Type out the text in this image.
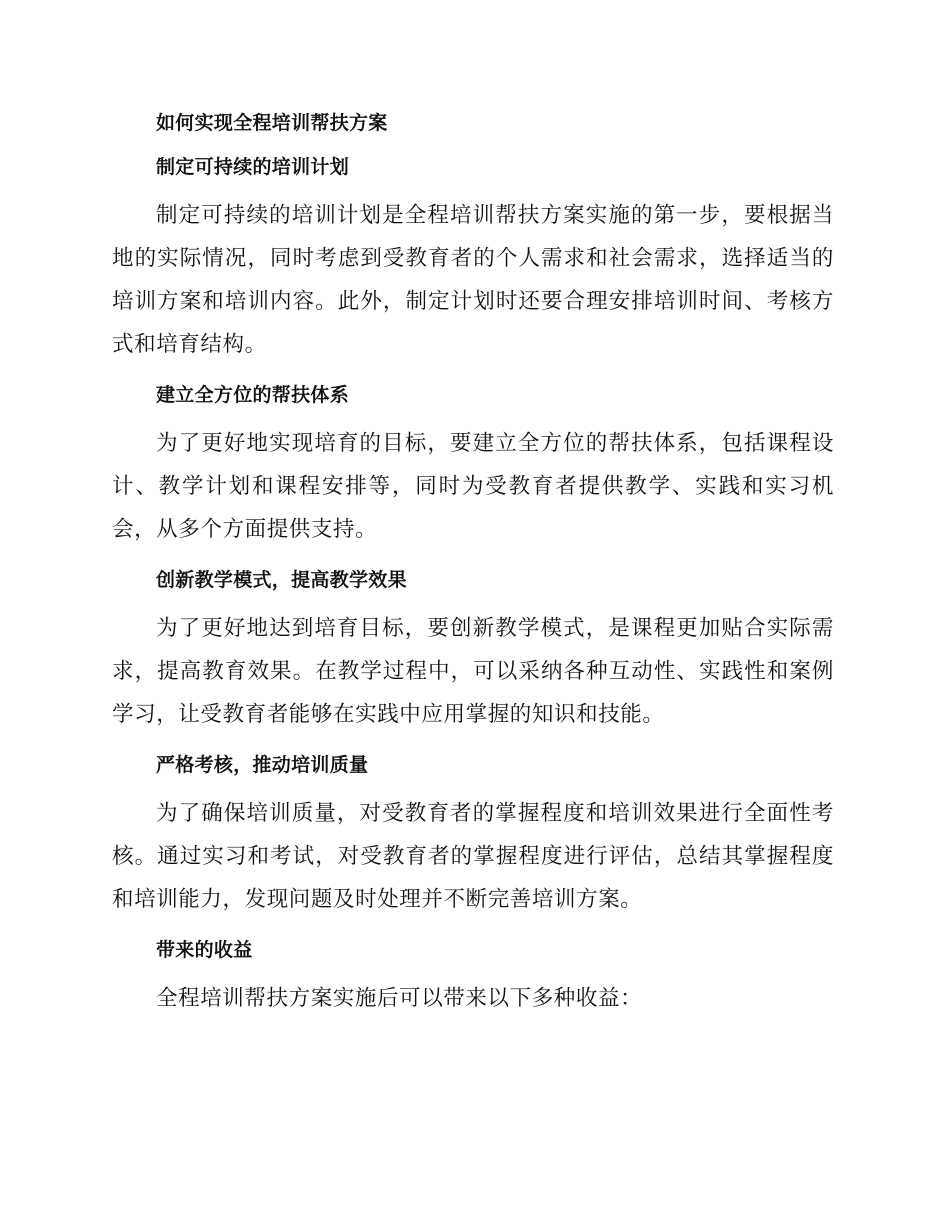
如何实现全程培训帮扶方案
制定可持续的培训计划

制定可持续的培训计划是全程培训帮扶方案实施的第一步，要根据当地的实际情况，同时考虑到受教育者的个人需求和社会需求，选择适当的培训方案和培训内容。此外，制定计划时还要合理安排培训时间、考核方式和培育结构。

建立全方位的帮扶体系

为了更好地实现培育的目标，要建立全方位的帮扶体系，包括课程设计、教学计划和课程安排等，同时为受教育者提供教学、实践和实习机会，从多个方面提供支持。

创新教学模式，提高教学效果

为了更好地达到培育目标，要创新教学模式，是课程更加贴合实际需求，提高教育效果。在教学过程中，可以采纳各种互动性、实践性和案例学习，让受教育者能够在实践中应用掌握的知识和技能。

严格考核，推动培训质量

为了确保培训质量，对受教育者的掌握程度和培训效果进行全面性考核。通过实习和考试，对受教育者的掌握程度进行评估，总结其掌握程度和培训能力，发现问题及时处理并不断完善培训方案。

带来的收益

全程培训帮扶方案实施后可以带来以下多种收益：
